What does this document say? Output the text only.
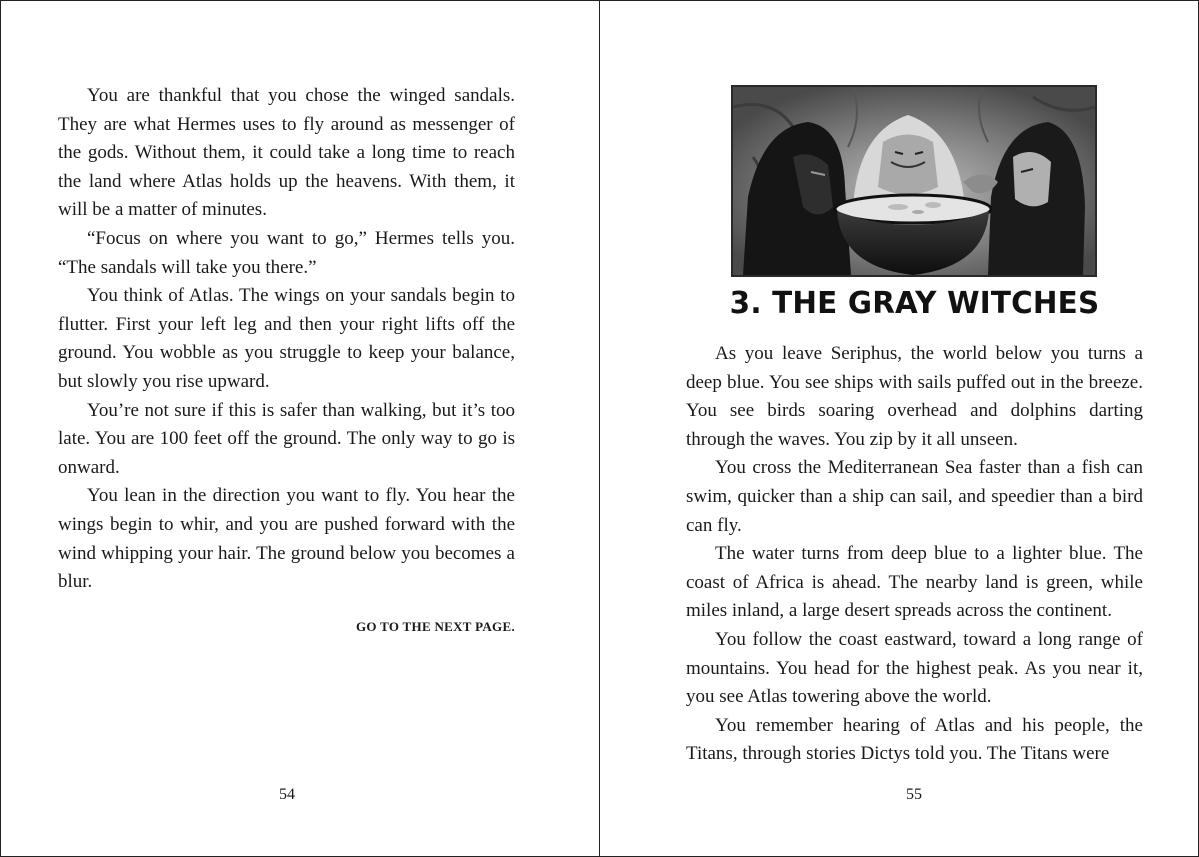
You are thankful that you chose the winged sandals. They are what Hermes uses to fly around as messenger of the gods. Without them, it could take a long time to reach the land where Atlas holds up the heavens. With them, it will be a matter of minutes.

“Focus on where you want to go,” Hermes tells you. “The sandals will take you there.”

You think of Atlas. The wings on your sandals begin to flutter. First your left leg and then your right lifts off the ground. You wobble as you struggle to keep your balance, but slowly you rise upward.

You’re not sure if this is safer than walking, but it’s too late. You are 100 feet off the ground. The only way to go is onward.

You lean in the direction you want to fly. You hear the wings begin to whir, and you are pushed forward with the wind whipping your hair. The ground below you becomes a blur.

GO TO THE NEXT PAGE.
54
3. THE GRAY WITCHES

As you leave Seriphus, the world below you turns a deep blue. You see ships with sails puffed out in the breeze. You see birds soaring overhead and dolphins darting through the waves. You zip by it all unseen.

You cross the Mediterranean Sea faster than a fish can swim, quicker than a ship can sail, and speedier than a bird can fly.

The water turns from deep blue to a lighter blue. The coast of Africa is ahead. The nearby land is green, while miles inland, a large desert spreads across the continent.

You follow the coast eastward, toward a long range of mountains. You head for the highest peak. As you near it, you see Atlas towering above the world.

You remember hearing of Atlas and his people, the Titans, through stories Dictys told you. The Titans were

55
